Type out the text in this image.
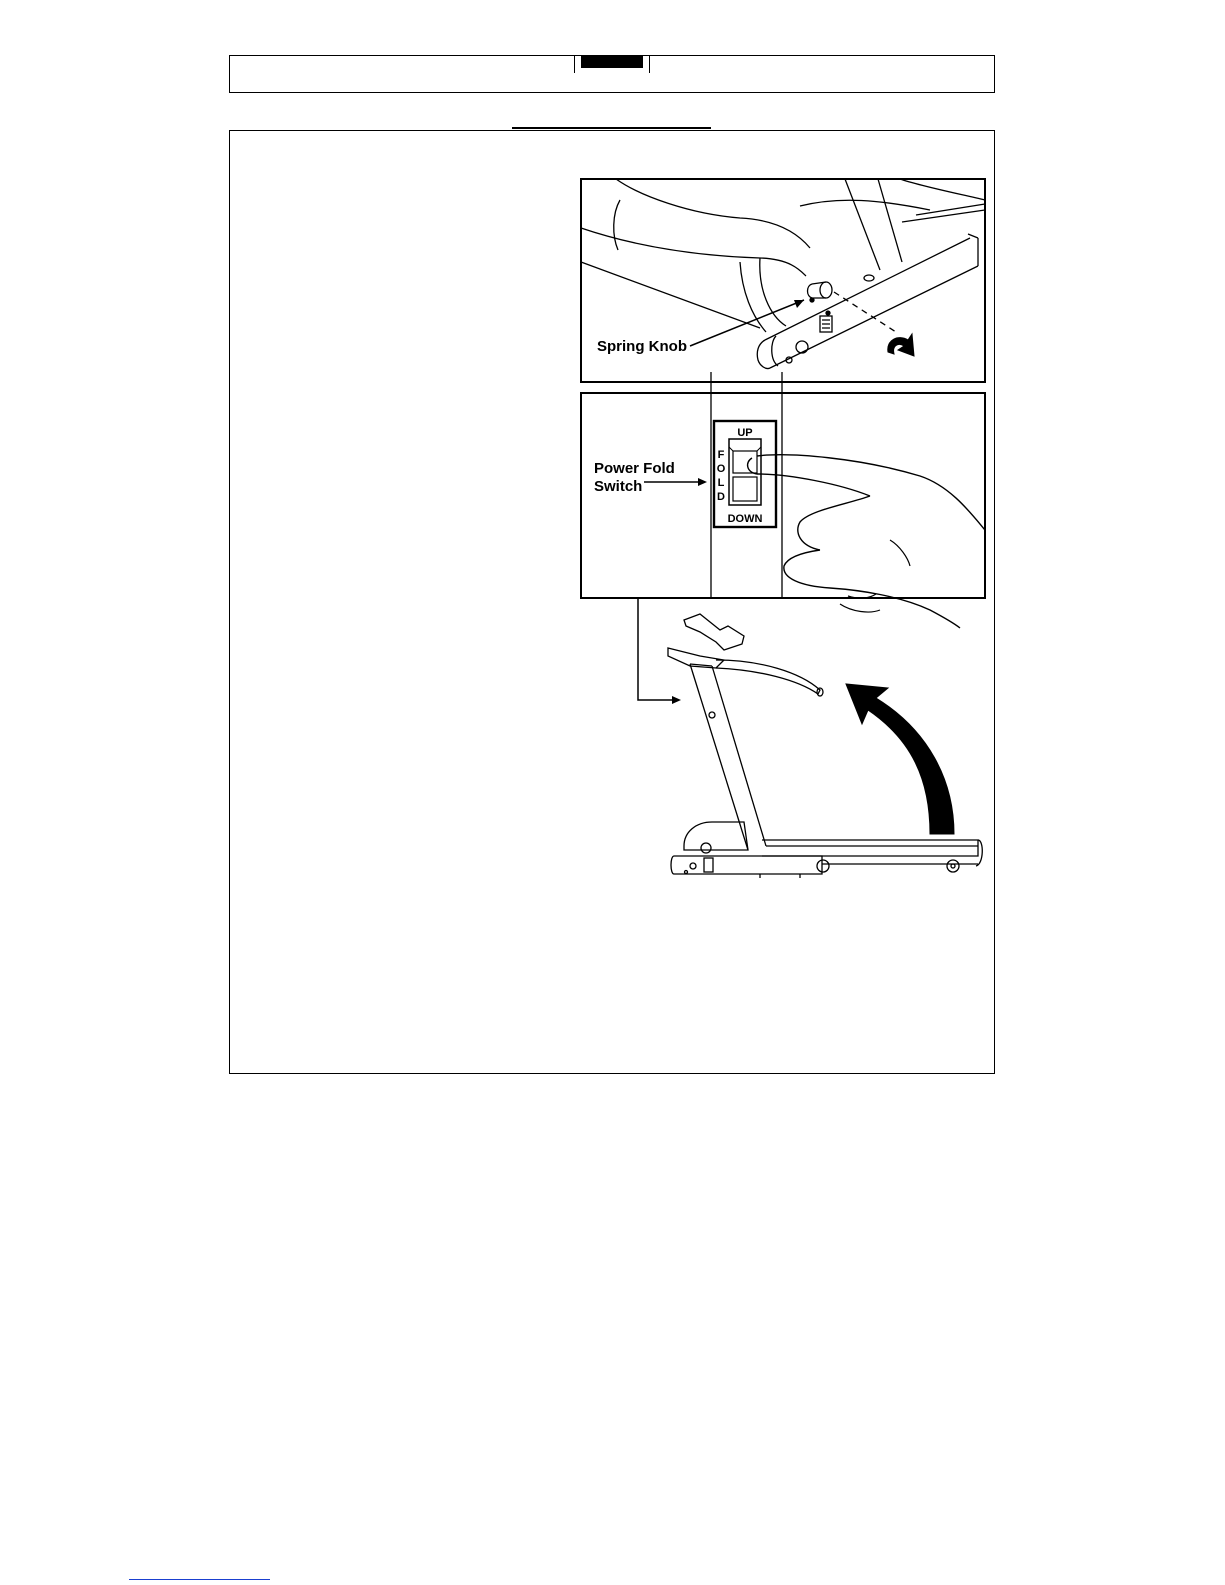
UP
DOWN
F
O
L
D
Spring Knob
Power Fold
Switch
